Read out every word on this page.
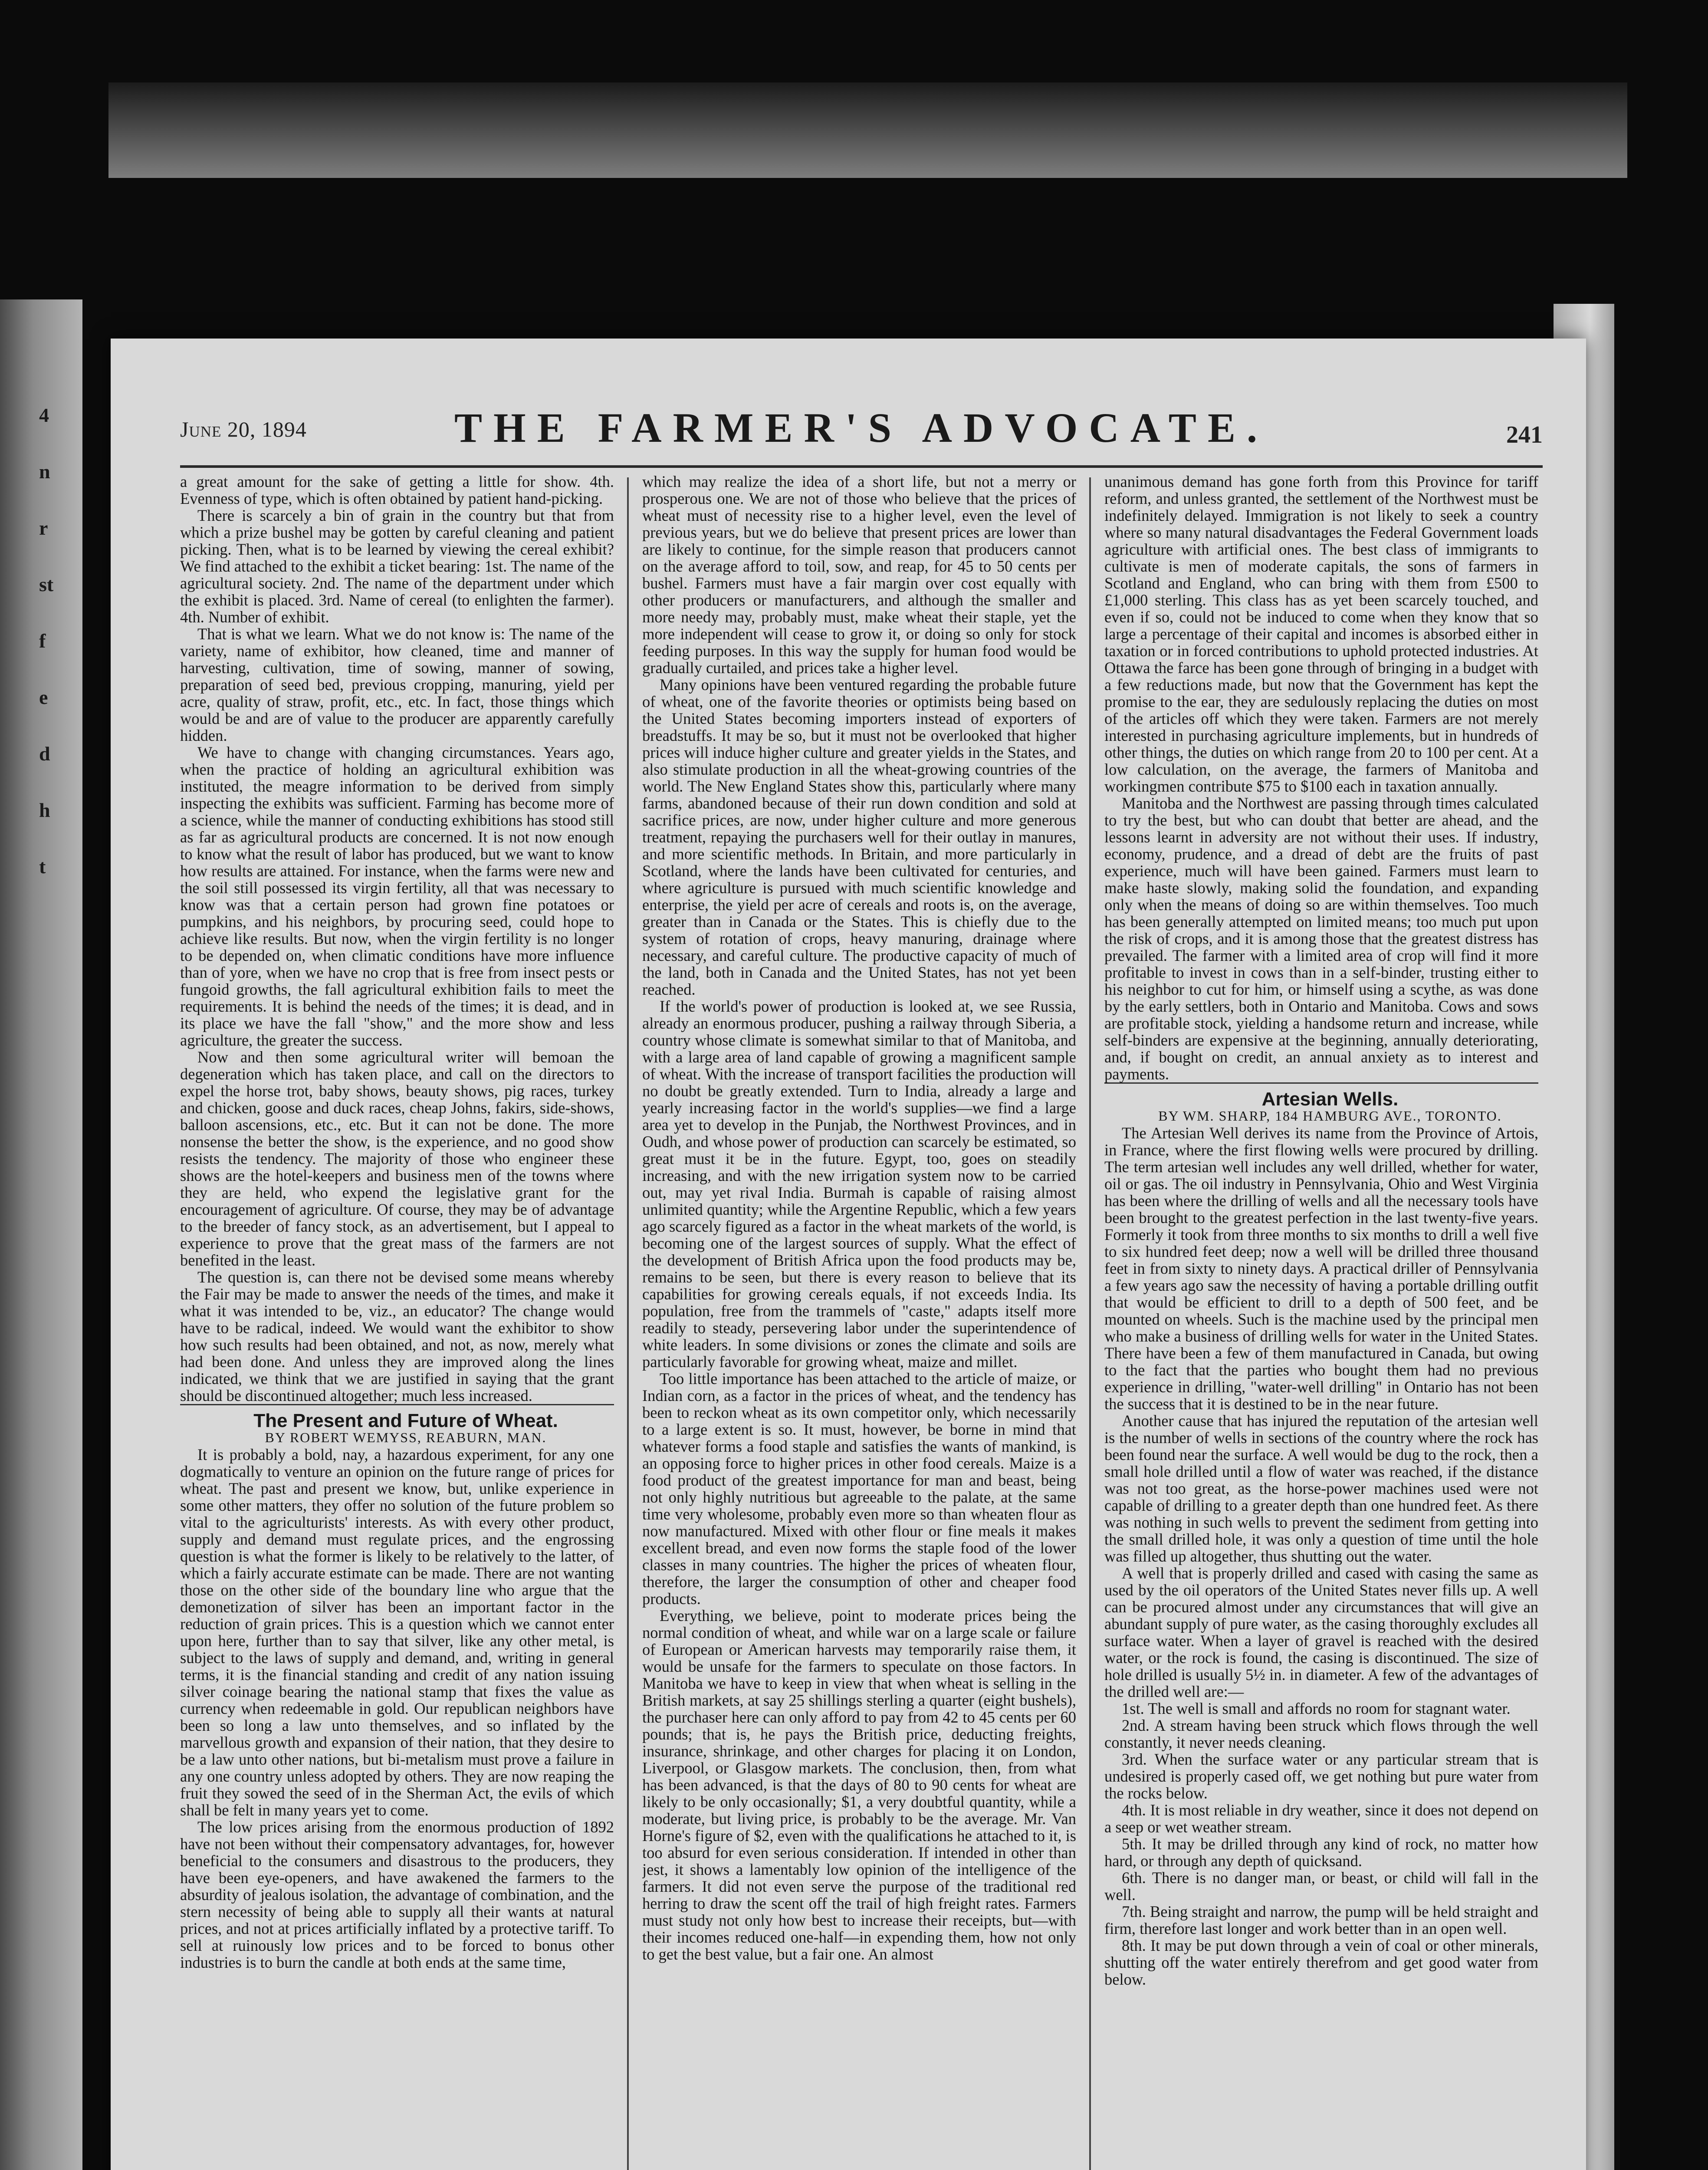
4
n
r
st
f
e
d
h
t
June 20, 1894	THE FARMER'S ADVOCATE.	241

a great amount for the sake of getting a little for show. 4th. Evenness of type, which is often obtained by patient hand-picking.

There is scarcely a bin of grain in the country but that from which a prize bushel may be gotten by careful cleaning and patient picking. Then, what is to be learned by viewing the cereal exhibit? We find attached to the exhibit a ticket bearing: 1st. The name of the agricultural society. 2nd. The name of the department under which the exhibit is placed. 3rd. Name of cereal (to enlighten the farmer). 4th. Number of exhibit.

That is what we learn. What we do not know is: The name of the variety, name of exhibitor, how cleaned, time and manner of harvesting, cultivation, time of sowing, manner of sowing, preparation of seed bed, previous cropping, manuring, yield per acre, quality of straw, profit, etc., etc. In fact, those things which would be and are of value to the producer are apparently carefully hidden.

We have to change with changing circumstances. Years ago, when the practice of holding an agricultural exhibition was instituted, the meagre information to be derived from simply inspecting the exhibits was sufficient. Farming has become more of a science, while the manner of conducting exhibitions has stood still as far as agricultural products are concerned. It is not now enough to know what the result of labor has produced, but we want to know how results are attained. For instance, when the farms were new and the soil still possessed its virgin fertility, all that was necessary to know was that a certain person had grown fine potatoes or pumpkins, and his neighbors, by procuring seed, could hope to achieve like results. But now, when the virgin fertility is no longer to be depended on, when climatic conditions have more influence than of yore, when we have no crop that is free from insect pests or fungoid growths, the fall agricultural exhibition fails to meet the requirements. It is behind the needs of the times; it is dead, and in its place we have the fall "show," and the more show and less agriculture, the greater the success.

Now and then some agricultural writer will bemoan the degeneration which has taken place, and call on the directors to expel the horse trot, baby shows, beauty shows, pig races, turkey and chicken, goose and duck races, cheap Johns, fakirs, side-shows, balloon ascensions, etc., etc. But it can not be done. The more nonsense the better the show, is the experience, and no good show resists the tendency. The majority of those who engineer these shows are the hotel-keepers and business men of the towns where they are held, who expend the legislative grant for the encouragement of agriculture. Of course, they may be of advantage to the breeder of fancy stock, as an advertisement, but I appeal to experience to prove that the great mass of the farmers are not benefited in the least.

The question is, can there not be devised some means whereby the Fair may be made to answer the needs of the times, and make it what it was intended to be, viz., an educator? The change would have to be radical, indeed. We would want the exhibitor to show how such results had been obtained, and not, as now, merely what had been done. And unless they are improved along the lines indicated, we think that we are justified in saying that the grant should be discontinued altogether; much less increased.

The Present and Future of Wheat.

BY ROBERT WEMYSS, REABURN, MAN.

It is probably a bold, nay, a hazardous experiment, for any one dogmatically to venture an opinion on the future range of prices for wheat. The past and present we know, but, unlike experience in some other matters, they offer no solution of the future problem so vital to the agriculturists' interests. As with every other product, supply and demand must regulate prices, and the engrossing question is what the former is likely to be relatively to the latter, of which a fairly accurate estimate can be made. There are not wanting those on the other side of the boundary line who argue that the demonetization of silver has been an important factor in the reduction of grain prices. This is a question which we cannot enter upon here, further than to say that silver, like any other metal, is subject to the laws of supply and demand, and, writing in general terms, it is the financial standing and credit of any nation issuing silver coinage bearing the national stamp that fixes the value as currency when redeemable in gold. Our republican neighbors have been so long a law unto themselves, and so inflated by the marvellous growth and expansion of their nation, that they desire to be a law unto other nations, but bi-metalism must prove a failure in any one country unless adopted by others. They are now reaping the fruit they sowed the seed of in the Sherman Act, the evils of which shall be felt in many years yet to come.

The low prices arising from the enormous production of 1892 have not been without their compensatory advantages, for, however beneficial to the consumers and disastrous to the producers, they have been eye-openers, and have awakened the farmers to the absurdity of jealous isolation, the advantage of combination, and the stern necessity of being able to supply all their wants at natural prices, and not at prices artificially inflated by a protective tariff. To sell at ruinously low prices and to be forced to bonus other industries is to burn the candle at both ends at the same time,

which may realize the idea of a short life, but not a merry or prosperous one. We are not of those who believe that the prices of wheat must of necessity rise to a higher level, even the level of previous years, but we do believe that present prices are lower than are likely to continue, for the simple reason that producers cannot on the average afford to toil, sow, and reap, for 45 to 50 cents per bushel. Farmers must have a fair margin over cost equally with other producers or manufacturers, and although the smaller and more needy may, probably must, make wheat their staple, yet the more independent will cease to grow it, or doing so only for stock feeding purposes. In this way the supply for human food would be gradually curtailed, and prices take a higher level.

Many opinions have been ventured regarding the probable future of wheat, one of the favorite theories or optimists being based on the United States becoming importers instead of exporters of breadstuffs. It may be so, but it must not be overlooked that higher prices will induce higher culture and greater yields in the States, and also stimulate production in all the wheat-growing countries of the world. The New England States show this, particularly where many farms, abandoned because of their run down condition and sold at sacrifice prices, are now, under higher culture and more generous treatment, repaying the purchasers well for their outlay in manures, and more scientific methods. In Britain, and more particularly in Scotland, where the lands have been cultivated for centuries, and where agriculture is pursued with much scientific knowledge and enterprise, the yield per acre of cereals and roots is, on the average, greater than in Canada or the States. This is chiefly due to the system of rotation of crops, heavy manuring, drainage where necessary, and careful culture. The productive capacity of much of the land, both in Canada and the United States, has not yet been reached.

If the world's power of production is looked at, we see Russia, already an enormous producer, pushing a railway through Siberia, a country whose climate is somewhat similar to that of Manitoba, and with a large area of land capable of growing a magnificent sample of wheat. With the increase of transport facilities the production will no doubt be greatly extended. Turn to India, already a large and yearly increasing factor in the world's supplies—we find a large area yet to develop in the Punjab, the Northwest Provinces, and in Oudh, and whose power of production can scarcely be estimated, so great must it be in the future. Egypt, too, goes on steadily increasing, and with the new irrigation system now to be carried out, may yet rival India. Burmah is capable of raising almost unlimited quantity; while the Argentine Republic, which a few years ago scarcely figured as a factor in the wheat markets of the world, is becoming one of the largest sources of supply. What the effect of the development of British Africa upon the food products may be, remains to be seen, but there is every reason to believe that its capabilities for growing cereals equals, if not exceeds India. Its population, free from the trammels of "caste," adapts itself more readily to steady, persevering labor under the superintendence of white leaders. In some divisions or zones the climate and soils are particularly favorable for growing wheat, maize and millet.

Too little importance has been attached to the article of maize, or Indian corn, as a factor in the prices of wheat, and the tendency has been to reckon wheat as its own competitor only, which necessarily to a large extent is so. It must, however, be borne in mind that whatever forms a food staple and satisfies the wants of mankind, is an opposing force to higher prices in other food cereals. Maize is a food product of the greatest importance for man and beast, being not only highly nutritious but agreeable to the palate, at the same time very wholesome, probably even more so than wheaten flour as now manufactured. Mixed with other flour or fine meals it makes excellent bread, and even now forms the staple food of the lower classes in many countries. The higher the prices of wheaten flour, therefore, the larger the consumption of other and cheaper food products.

Everything, we believe, point to moderate prices being the normal condition of wheat, and while war on a large scale or failure of European or American harvests may temporarily raise them, it would be unsafe for the farmers to speculate on those factors. In Manitoba we have to keep in view that when wheat is selling in the British markets, at say 25 shillings sterling a quarter (eight bushels), the purchaser here can only afford to pay from 42 to 45 cents per 60 pounds; that is, he pays the British price, deducting freights, insurance, shrinkage, and other charges for placing it on London, Liverpool, or Glasgow markets. The conclusion, then, from what has been advanced, is that the days of 80 to 90 cents for wheat are likely to be only occasionally; $1, a very doubtful quantity, while a moderate, but living price, is probably to be the average. Mr. Van Horne's figure of $2, even with the qualifications he attached to it, is too absurd for even serious consideration. If intended in other than jest, it shows a lamentably low opinion of the intelligence of the farmers. It did not even serve the purpose of the traditional red herring to draw the scent off the trail of high freight rates. Farmers must study not only how best to increase their receipts, but—with their incomes reduced one-half—in expending them, how not only to get the best value, but a fair one. An almost

unanimous demand has gone forth from this Province for tariff reform, and unless granted, the settlement of the Northwest must be indefinitely delayed. Immigration is not likely to seek a country where so many natural disadvantages the Federal Government loads agriculture with artificial ones. The best class of immigrants to cultivate is men of moderate capitals, the sons of farmers in Scotland and England, who can bring with them from £500 to £1,000 sterling. This class has as yet been scarcely touched, and even if so, could not be induced to come when they know that so large a percentage of their capital and incomes is absorbed either in taxation or in forced contributions to uphold protected industries. At Ottawa the farce has been gone through of bringing in a budget with a few reductions made, but now that the Government has kept the promise to the ear, they are sedulously replacing the duties on most of the articles off which they were taken. Farmers are not merely interested in purchasing agriculture implements, but in hundreds of other things, the duties on which range from 20 to 100 per cent. At a low calculation, on the average, the farmers of Manitoba and workingmen contribute $75 to $100 each in taxation annually.

Manitoba and the Northwest are passing through times calculated to try the best, but who can doubt that better are ahead, and the lessons learnt in adversity are not without their uses. If industry, economy, prudence, and a dread of debt are the fruits of past experience, much will have been gained. Farmers must learn to make haste slowly, making solid the foundation, and expanding only when the means of doing so are within themselves. Too much has been generally attempted on limited means; too much put upon the risk of crops, and it is among those that the greatest distress has prevailed. The farmer with a limited area of crop will find it more profitable to invest in cows than in a self-binder, trusting either to his neighbor to cut for him, or himself using a scythe, as was done by the early settlers, both in Ontario and Manitoba. Cows and sows are profitable stock, yielding a handsome return and increase, while self-binders are expensive at the beginning, annually deteriorating, and, if bought on credit, an annual anxiety as to interest and payments.

Artesian Wells.

BY WM. SHARP, 184 HAMBURG AVE., TORONTO.

The Artesian Well derives its name from the Province of Artois, in France, where the first flowing wells were procured by drilling. The term artesian well includes any well drilled, whether for water, oil or gas. The oil industry in Pennsylvania, Ohio and West Virginia has been where the drilling of wells and all the necessary tools have been brought to the greatest perfection in the last twenty-five years. Formerly it took from three months to six months to drill a well five to six hundred feet deep; now a well will be drilled three thousand feet in from sixty to ninety days. A practical driller of Pennsylvania a few years ago saw the necessity of having a portable drilling outfit that would be efficient to drill to a depth of 500 feet, and be mounted on wheels. Such is the machine used by the principal men who make a business of drilling wells for water in the United States. There have been a few of them manufactured in Canada, but owing to the fact that the parties who bought them had no previous experience in drilling, "water-well drilling" in Ontario has not been the success that it is destined to be in the near future.

Another cause that has injured the reputation of the artesian well is the number of wells in sections of the country where the rock has been found near the surface. A well would be dug to the rock, then a small hole drilled until a flow of water was reached, if the distance was not too great, as the horse-power machines used were not capable of drilling to a greater depth than one hundred feet. As there was nothing in such wells to prevent the sediment from getting into the small drilled hole, it was only a question of time until the hole was filled up altogether, thus shutting out the water.

A well that is properly drilled and cased with casing the same as used by the oil operators of the United States never fills up. A well can be procured almost under any circumstances that will give an abundant supply of pure water, as the casing thoroughly excludes all surface water. When a layer of gravel is reached with the desired water, or the rock is found, the casing is discontinued. The size of hole drilled is usually 5½ in. in diameter. A few of the advantages of the drilled well are:—

1st. The well is small and affords no room for stagnant water.

2nd. A stream having been struck which flows through the well constantly, it never needs cleaning.

3rd. When the surface water or any particular stream that is undesired is properly cased off, we get nothing but pure water from the rocks below.

4th. It is most reliable in dry weather, since it does not depend on a seep or wet weather stream.

5th. It may be drilled through any kind of rock, no matter how hard, or through any depth of quicksand.

6th. There is no danger man, or beast, or child will fall in the well.

7th. Being straight and narrow, the pump will be held straight and firm, therefore last longer and work better than in an open well.

8th. It may be put down through a vein of coal or other minerals, shutting off the water entirely therefrom and get good water from below.
